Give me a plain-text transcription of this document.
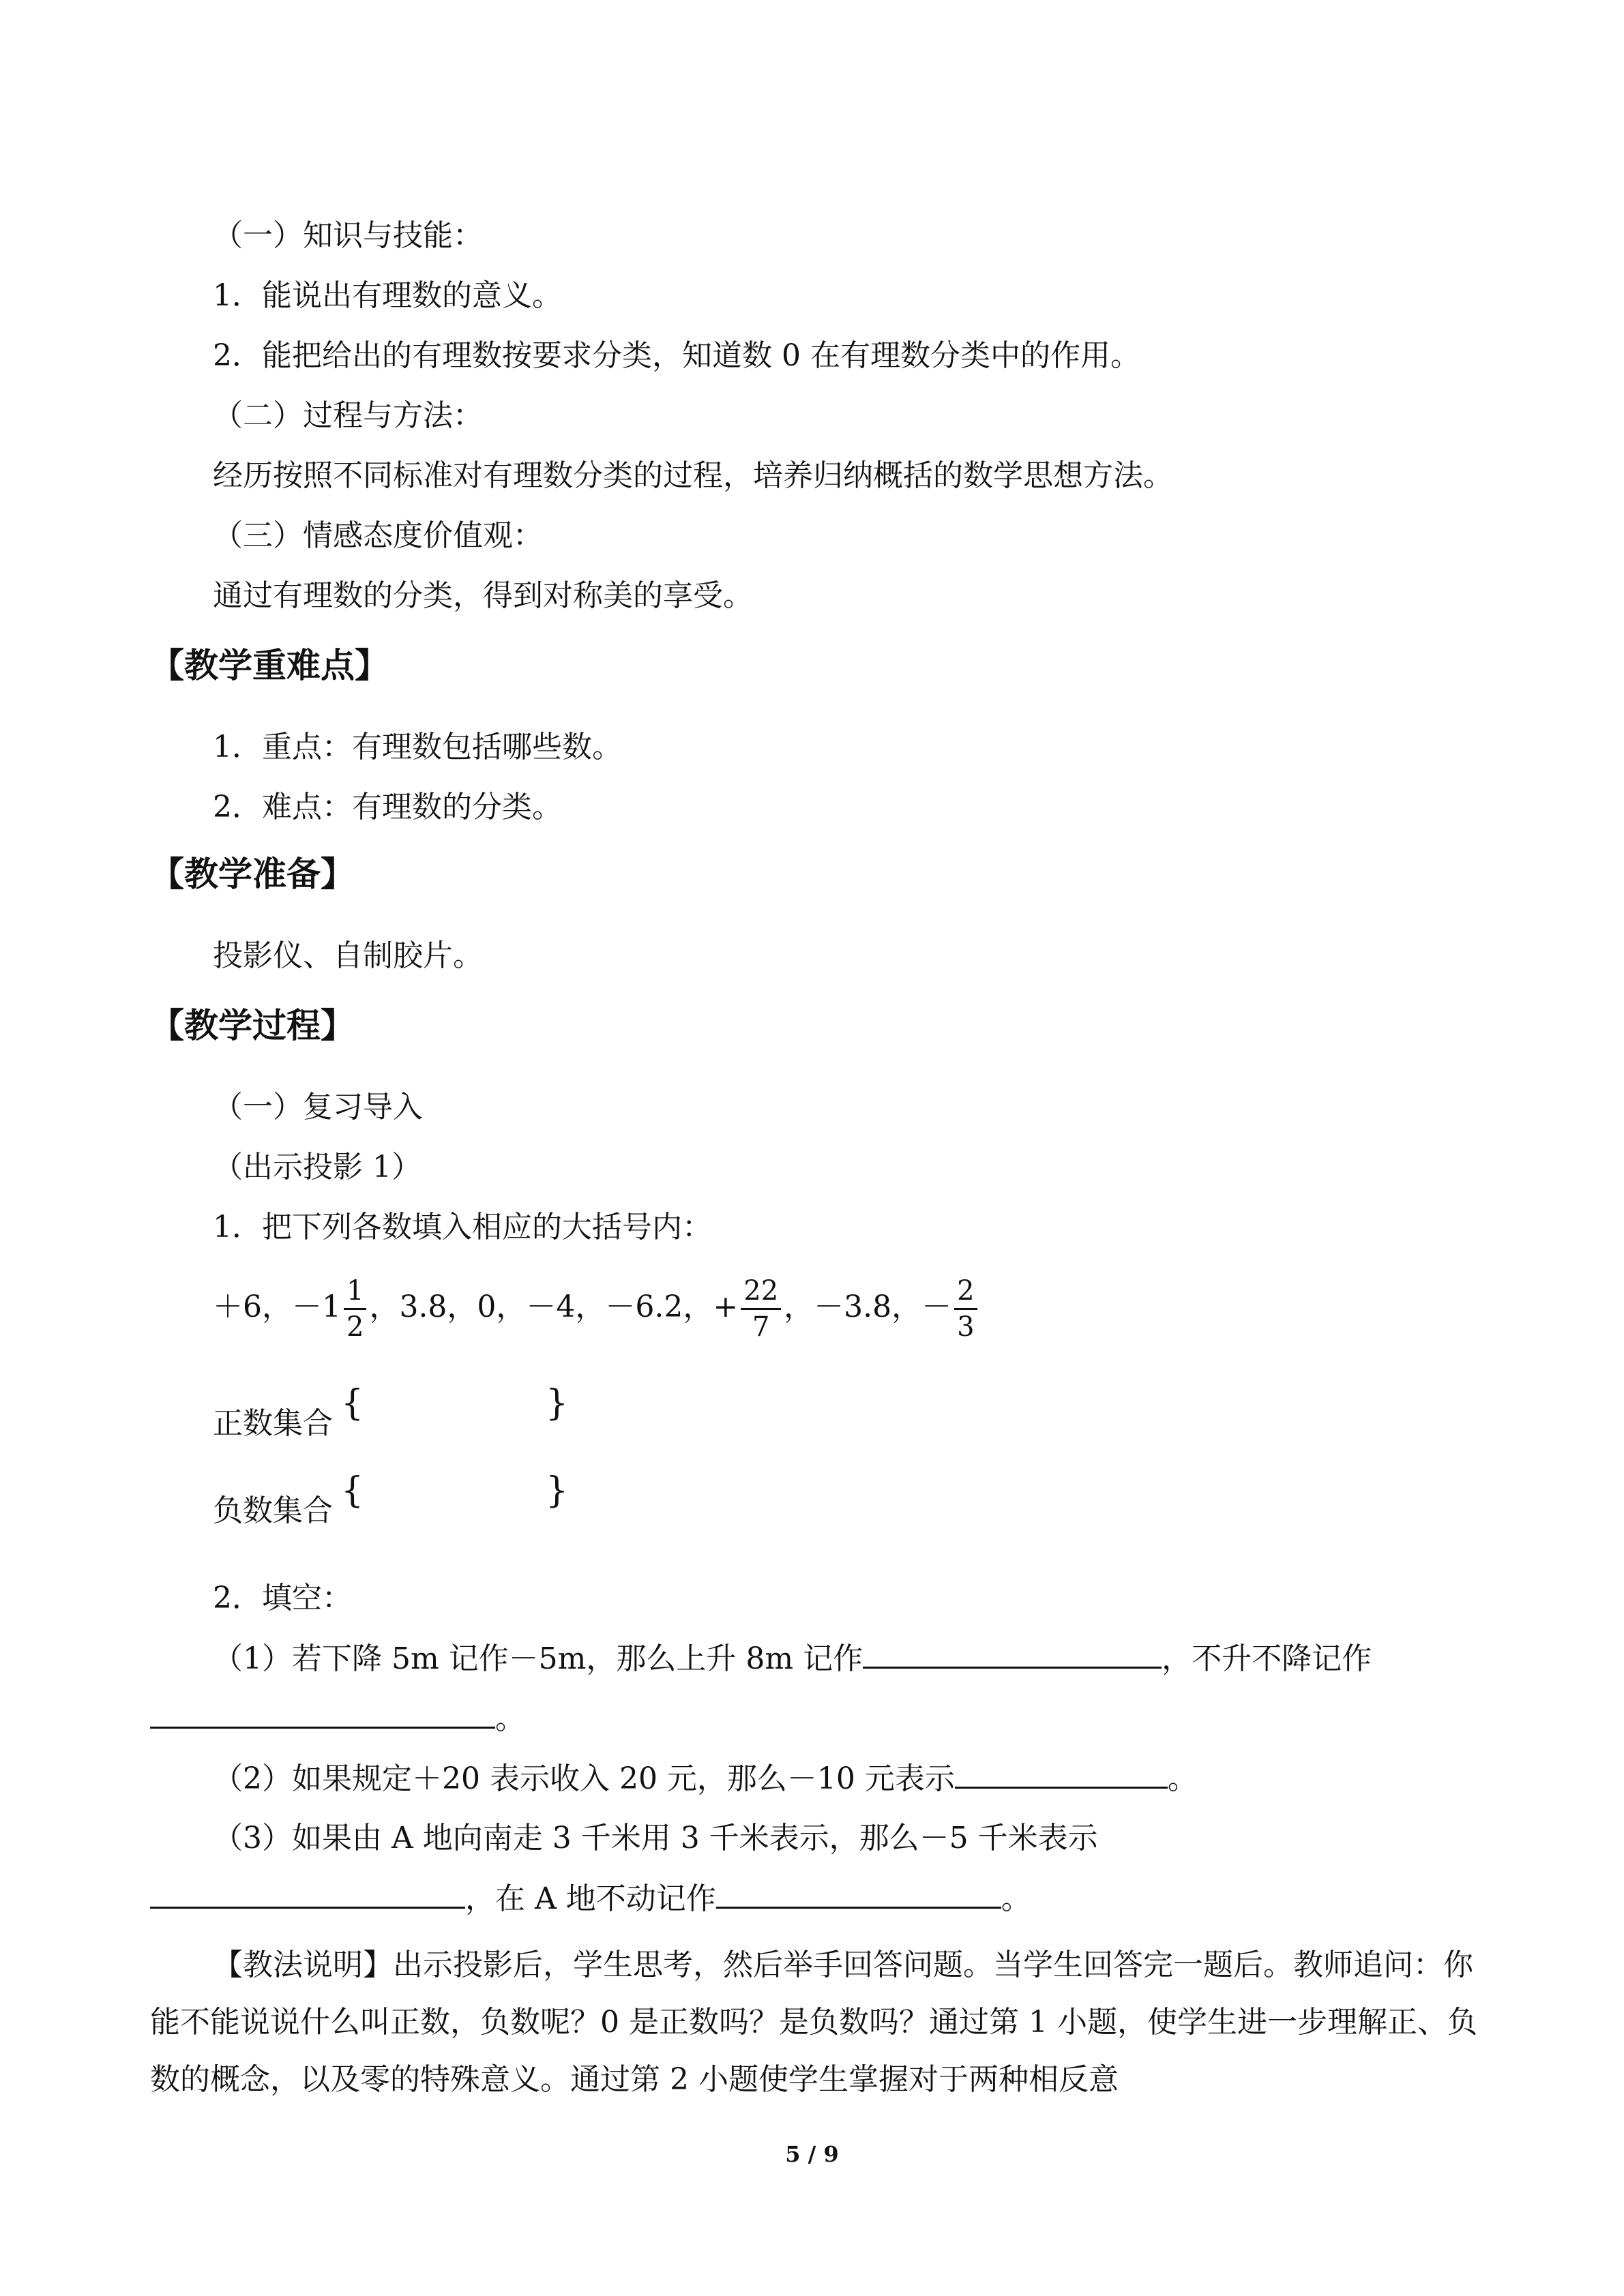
（一）知识与技能：
1．能说出有理数的意义。
2．能把给出的有理数按要求分类，知道数 0 在有理数分类中的作用。
（二）过程与方法：
经历按照不同标准对有理数分类的过程，培养归纳概括的数学思想方法。
（三）情感态度价值观：
通过有理数的分类，得到对称美的享受。
【教学重难点】
1．重点：有理数包括哪些数。
2．难点：有理数的分类。
【教学准备】
投影仪、自制胶片。
【教学过程】
（一）复习导入
（出示投影 1）
1．把下列各数填入相应的大括号内：
＋6，$-1 \frac{1}{2}$ ，3.8，0，－4，－6.2，+ $\frac{22}{7}$ ，－3.8，－ $\frac{2}{3}$
正数集合 {	}
负数集合 {	}
2．填空：
（1）若下降 5m 记作－5m，那么上升 8m 记作	，不升不降记作
。
（2）如果规定＋20 表示收入 20 元，那么－10 元表示	。
（3）如果由 A 地向南走 3 千米用 3 千米表示，那么－5 千米表示
，在 A 地不动记作	。
【教法说明】出示投影后，学生思考，然后举手回答问题。当学生回答完一题后。教师追问：你能不能说说什么叫正数，负数呢？0 是正数吗？是负数吗？通过第 1 小题，使学生进一步理解正、负数的概念，以及零的特殊意义。通过第 2 小题使学生掌握对于两种相反意
5 / 9
